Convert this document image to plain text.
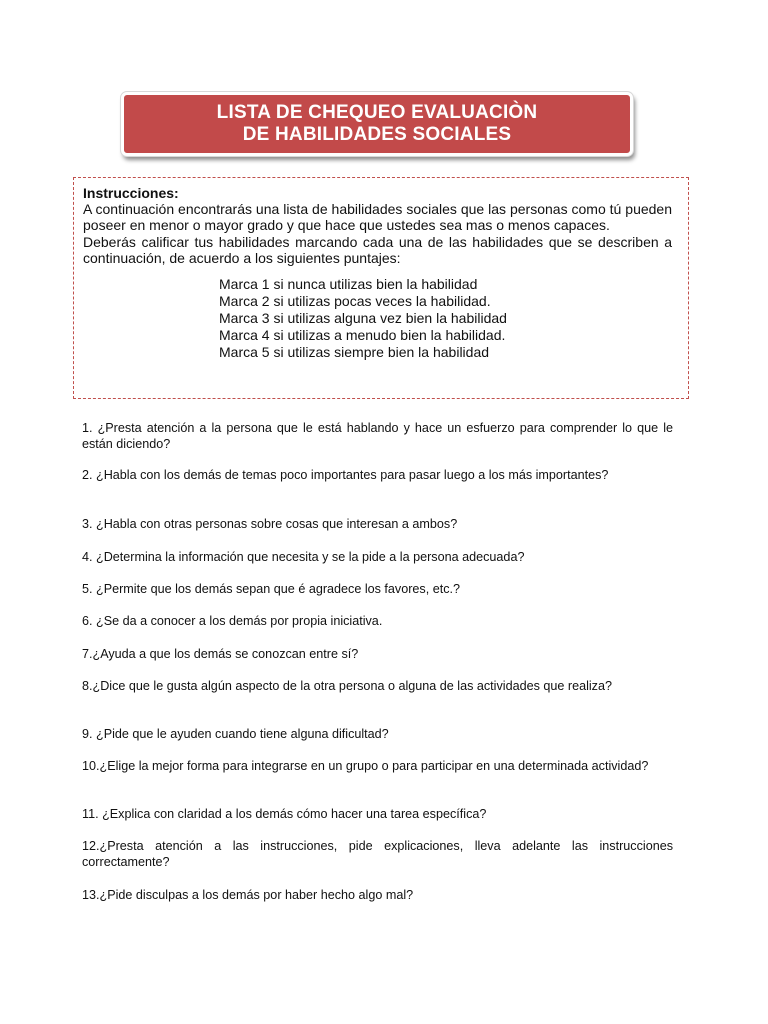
LISTA DE CHEQUEO EVALUACIÒN
DE HABILIDADES SOCIALES
Instrucciones:
A continuación encontrarás una lista de habilidades sociales que las personas como tú pueden poseer en menor o mayor grado y que hace que ustedes sea mas o menos capaces.
Deberás calificar tus habilidades marcando cada una de las habilidades que se describen a continuación, de acuerdo a los siguientes puntajes:
Marca 1 si nunca utilizas bien la habilidad
Marca 2 si utilizas pocas veces la habilidad.
Marca 3 si utilizas alguna vez bien la habilidad
Marca 4 si utilizas a menudo bien la habilidad.
Marca 5 si utilizas siempre bien la habilidad
1. ¿Presta atención a la persona que le está hablando y hace un esfuerzo para comprender lo que le están diciendo?
2. ¿Habla con los demás de temas poco importantes para pasar luego a los más importantes?
3. ¿Habla con otras personas sobre cosas que interesan a ambos?
4. ¿Determina la información que necesita y se la pide a la persona adecuada?
5. ¿Permite que los demás sepan que é agradece los favores, etc.?
6. ¿Se da a conocer a los demás por propia iniciativa.
7.¿Ayuda a que los demás se conozcan entre sí?
8.¿Dice que le gusta algún aspecto de la otra persona o alguna de las actividades que realiza?
9. ¿Pide que le ayuden cuando tiene alguna dificultad?
10.¿Elige la mejor forma para integrarse en un grupo o para participar en una determinada actividad?
11. ¿Explica con claridad a los demás cómo hacer una tarea específica?
12.¿Presta atención a las instrucciones, pide explicaciones, lleva adelante las instrucciones correctamente?
13.¿Pide disculpas a los demás por haber hecho algo mal?
